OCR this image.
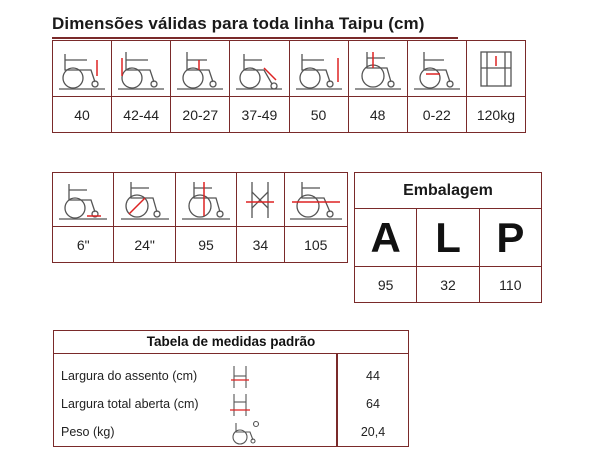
Dimensões válidas para toda linha Taipu (cm)

40	42-44	20-27	37-49	50	48	0-22	120kg

6"	24"	95	34	105
Embalagem		
A	L	P
95	32	110
Tabela de medidas padrão
Largura do assento (cm)	44
Largura total aberta (cm)	64
Peso (kg)	20,4
